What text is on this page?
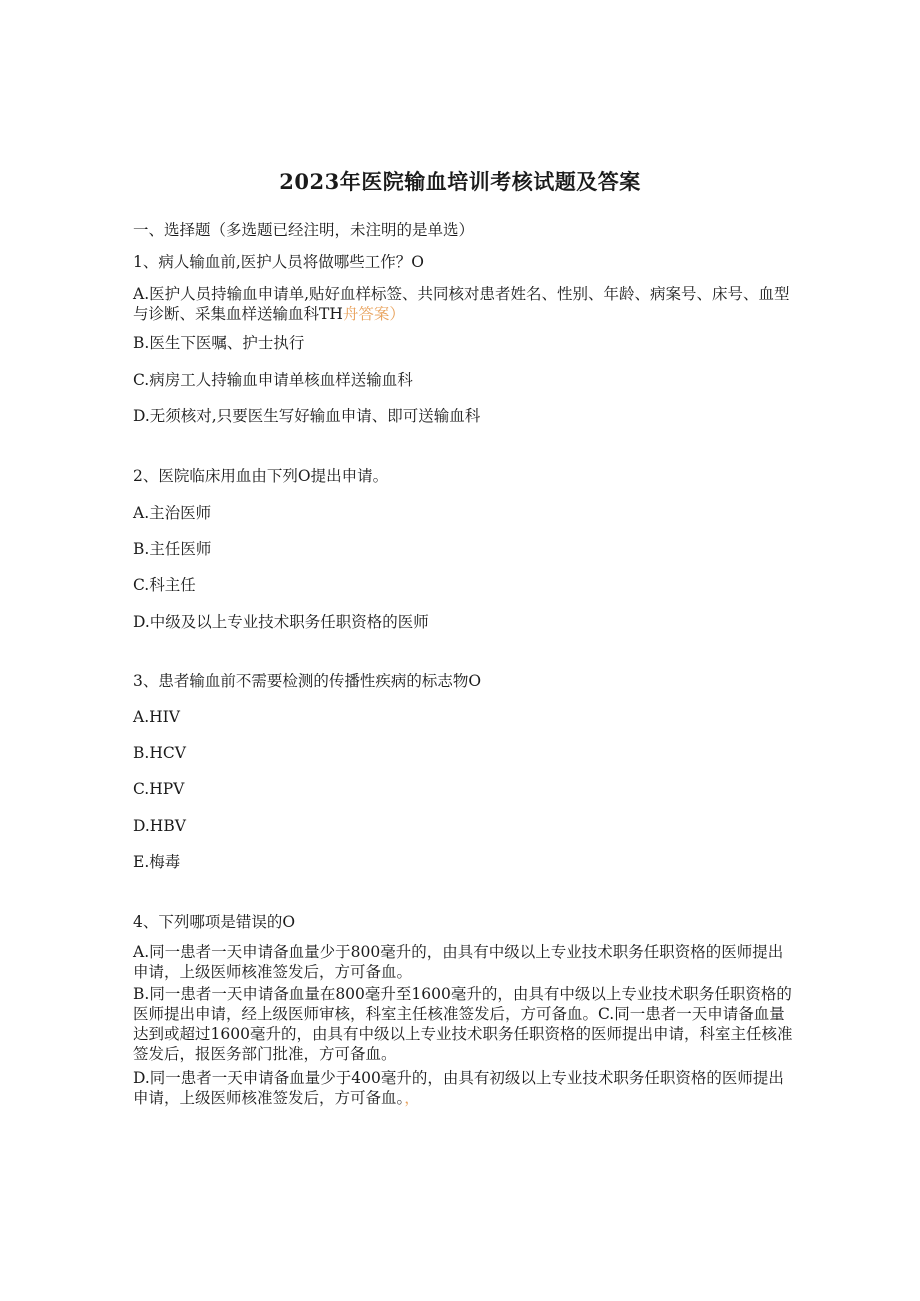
2023年医院输血培训考核试题及答案
一、选择题（多选题已经注明，未注明的是单选）
1、病人输血前,医护人员将做哪些工作？O
A.医护人员持输血申请单,贴好血样标签、共同核对患者姓名、性别、年龄、病案号、床号、血型与诊断、采集血样送输血科TH舟答案）
B.医生下医嘱、护士执行
C.病房工人持输血申请单核血样送输血科
D.无须核对,只要医生写好输血申请、即可送输血科
2、医院临床用血由下列O提出申请。
A.主治医师
B.主任医师
C.科主任
D.中级及以上专业技术职务任职资格的医师
3、患者输血前不需要检测的传播性疾病的标志物O
A.HIV
B.HCV
C.HPV
D.HBV
E.梅毒
4、下列哪项是错误的O
A.同一患者一天申请备血量少于800毫升的，由具有中级以上专业技术职务任职资格的医师提出申请，上级医师核准签发后，方可备血。
B.同一患者一天申请备血量在800毫升至1600毫升的，由具有中级以上专业技术职务任职资格的医师提出申请，经上级医师审核，科室主任核准签发后，方可备血。C.同一患者一天申请备血量达到或超过1600毫升的，由具有中级以上专业技术职务任职资格的医师提出申请，科室主任核准签发后，报医务部门批准，方可备血。
D.同一患者一天申请备血量少于400毫升的，由具有初级以上专业技术职务任职资格的医师提出申请，上级医师核准签发后，方可备血。，
